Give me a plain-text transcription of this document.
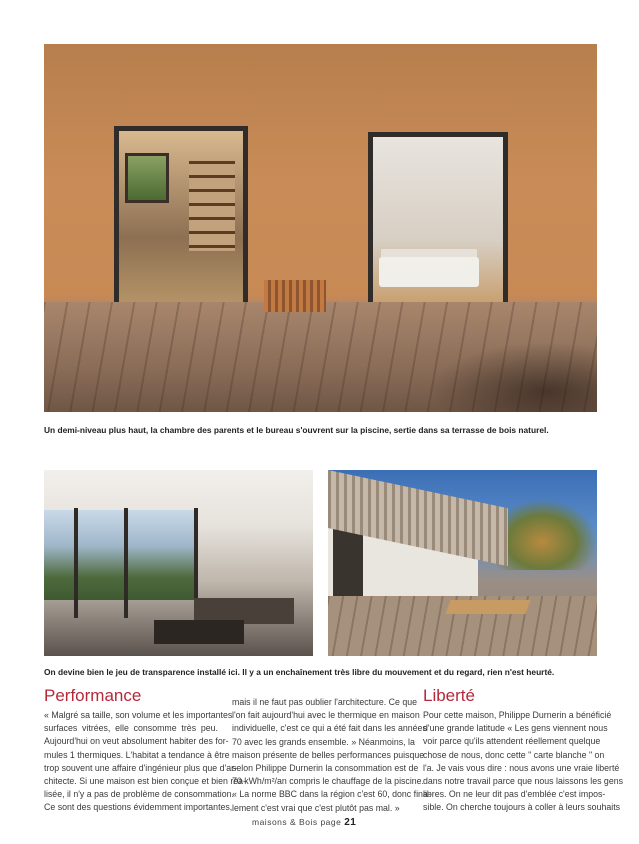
Un demi-niveau plus haut, la chambre des parents et le bureau s'ouvrent sur la piscine, sertie dans sa terrasse de bois naturel.
On devine bien le jeu de transparence installé ici. Il y a un enchaînement très libre du mouvement et du regard, rien n'est heurté.
Performance	Liberté

« Malgré sa taille, son volume et les importantes
surfaces vitrées, elle consomme très peu.
Aujourd'hui on veut absolument habiter des for-
mules 1 thermiques. L'habitat a tendance à être
trop souvent une affaire d'ingénieur plus que d'ar-
chitecte. Si une maison est bien conçue et bien réa-
lisée, il n'y a pas de problème de consommation.
Ce sont des questions évidemment importantes,

mais il ne faut pas oublier l'architecture. Ce que
l'on fait aujourd'hui avec le thermique en maison
individuelle, c'est ce qui a été fait dans les années
70 avec les grands ensemble. » Néanmoins, la
maison présente de belles performances puisque
selon Philippe Durnerin la consommation est de
70 kWh/m²/an compris le chauffage de la piscine.
« La norme BBC dans la région c'est 60, donc fina-
lement c'est vrai que c'est plutôt pas mal. »

Pour cette maison, Philippe Durnerin a bénéficié
d'une grande latitude « Les gens viennent nous
voir parce qu'ils attendent réellement quelque
chose de nous, donc cette " carte blanche " on
l'a. Je vais vous dire : nous avons une vraie liberté
dans notre travail parce que nous laissons les gens
libres. On ne leur dit pas d'emblée c'est impos-
sible. On cherche toujours à coller à leurs souhaits

maisons & Bois page 21
